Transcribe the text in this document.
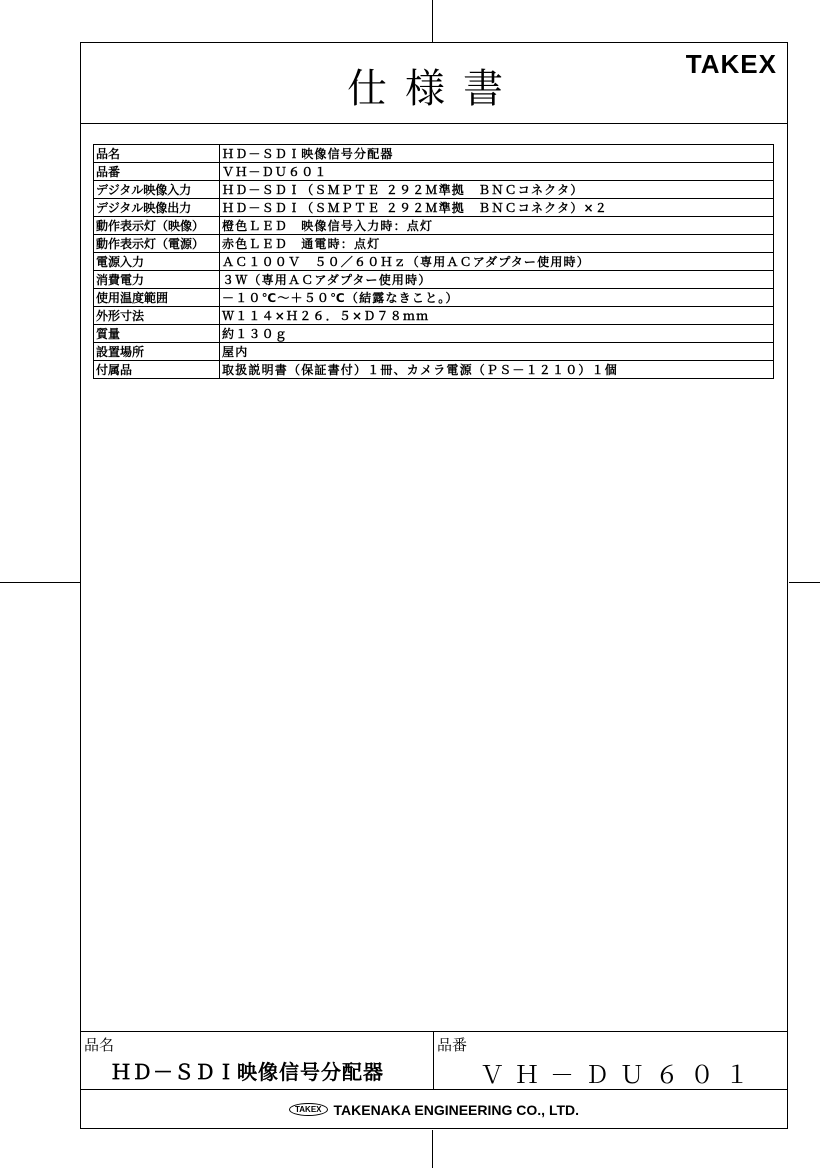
仕様書
TAKEX
品名	ＨＤ－ＳＤＩ映像信号分配器
品番	ＶＨ－ＤＵ６０１
デジタル映像入力	ＨＤ－ＳＤＩ（ＳＭＰＴＥ ２９２Ｍ準拠　ＢＮＣコネクタ）
デジタル映像出力	ＨＤ－ＳＤＩ（ＳＭＰＴＥ ２９２Ｍ準拠　ＢＮＣコネクタ）×２
動作表示灯（映像）	橙色ＬＥＤ　映像信号入力時：点灯
動作表示灯（電源）	赤色ＬＥＤ　通電時：点灯
電源入力	ＡＣ１００Ｖ　５０／６０Ｈｚ（専用ＡＣアダプター使用時）
消費電力	３Ｗ（専用ＡＣアダプター使用時）
使用温度範囲	－１０℃～＋５０℃（結露なきこと。）
外形寸法	Ｗ１１４×Ｈ２６．５×Ｄ７８ｍｍ
質量	約１３０ｇ
設置場所	屋内
付属品	取扱説明書（保証書付）１冊、カメラ電源（ＰＳ－１２１０）１個
品名
ＨＤ－ＳＤＩ映像信号分配器
品番
ＶＨ－ＤＵ６０１
TAKEX TAKENAKA ENGINEERING CO., LTD.
